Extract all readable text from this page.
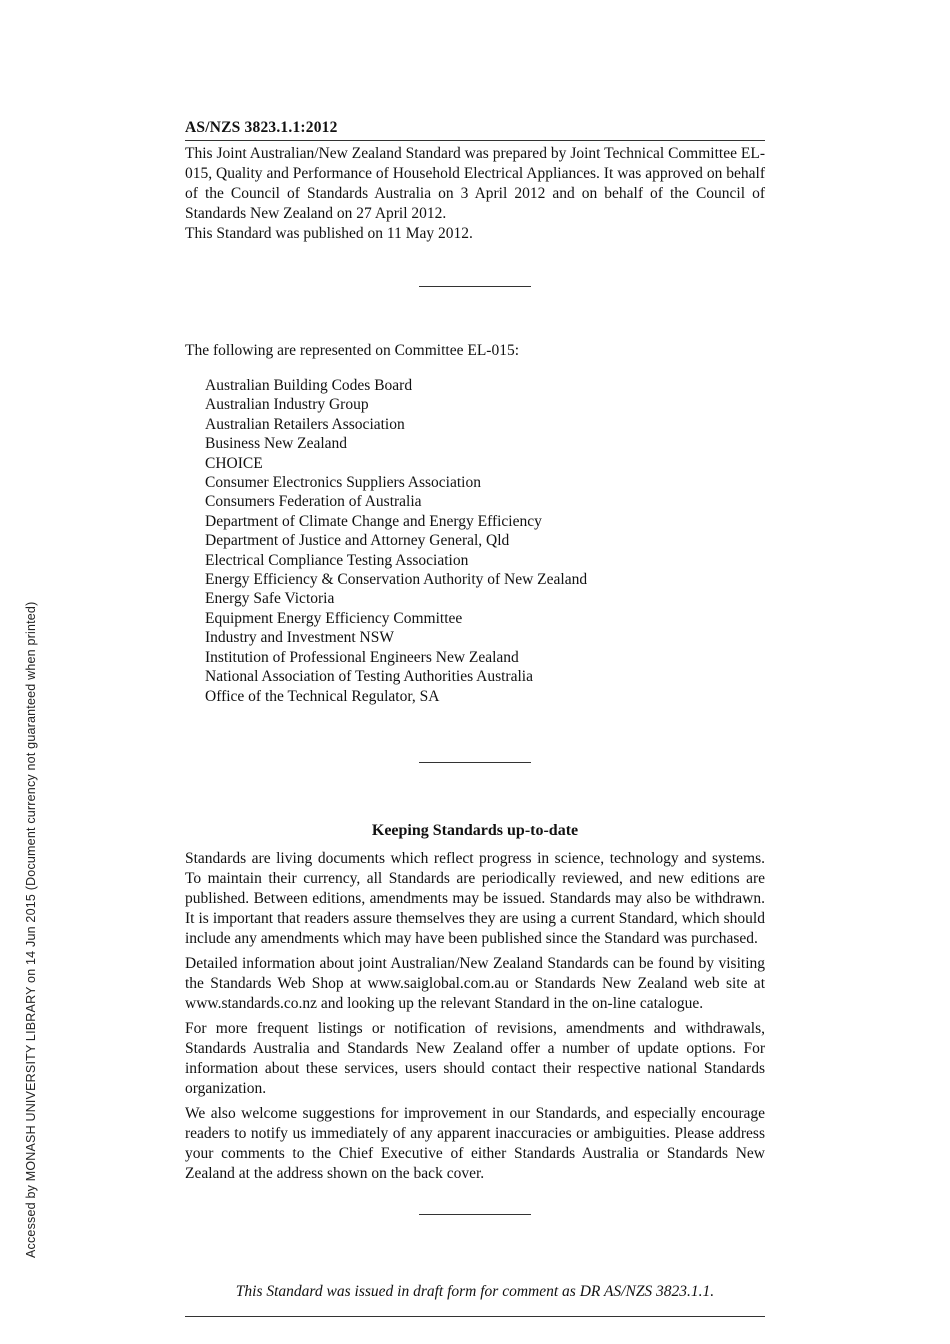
Accessed by MONASH UNIVERSITY LIBRARY on 14 Jun 2015 (Document currency not guaranteed when printed)
AS/NZS 3823.1.1:2012

This Joint Australian/New Zealand Standard was prepared by Joint Technical Committee EL-015, Quality and Performance of Household Electrical Appliances. It was approved on behalf of the Council of Standards Australia on 3 April 2012 and on behalf of the Council of Standards New Zealand on 27 April 2012.

This Standard was published on 11 May 2012.

The following are represented on Committee EL-015:

Australian Building Codes Board
Australian Industry Group
Australian Retailers Association
Business New Zealand
CHOICE
Consumer Electronics Suppliers Association
Consumers Federation of Australia
Department of Climate Change and Energy Efficiency
Department of Justice and Attorney General, Qld
Electrical Compliance Testing Association
Energy Efficiency & Conservation Authority of New Zealand
Energy Safe Victoria
Equipment Energy Efficiency Committee
Industry and Investment NSW
Institution of Professional Engineers New Zealand
National Association of Testing Authorities Australia
Office of the Technical Regulator, SA
Keeping Standards up-to-date

Standards are living documents which reflect progress in science, technology and systems. To maintain their currency, all Standards are periodically reviewed, and new editions are published. Between editions, amendments may be issued. Standards may also be withdrawn. It is important that readers assure themselves they are using a current Standard, which should include any amendments which may have been published since the Standard was purchased.

Detailed information about joint Australian/New Zealand Standards can be found by visiting the Standards Web Shop at www.saiglobal.com.au or Standards New Zealand web site at www.standards.co.nz and looking up the relevant Standard in the on-line catalogue.

For more frequent listings or notification of revisions, amendments and withdrawals, Standards Australia and Standards New Zealand offer a number of update options. For information about these services, users should contact their respective national Standards organization.

We also welcome suggestions for improvement in our Standards, and especially encourage readers to notify us immediately of any apparent inaccuracies or ambiguities. Please address your comments to the Chief Executive of either Standards Australia or Standards New Zealand at the address shown on the back cover.

This Standard was issued in draft form for comment as DR AS/NZS 3823.1.1.
